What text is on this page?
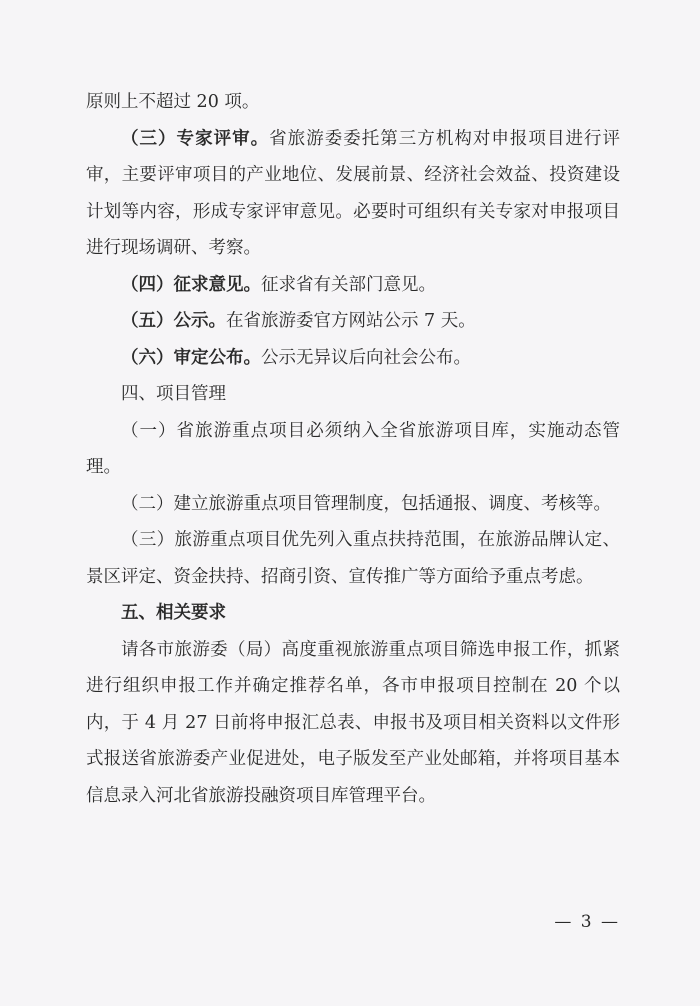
原则上不超过 20 项。

（三）专家评审。省旅游委委托第三方机构对申报项目进行评审，主要评审项目的产业地位、发展前景、经济社会效益、投资建设计划等内容，形成专家评审意见。必要时可组织有关专家对申报项目进行现场调研、考察。

（四）征求意见。征求省有关部门意见。

（五）公示。在省旅游委官方网站公示 7 天。

（六）审定公布。公示无异议后向社会公布。

四、项目管理

（一）省旅游重点项目必须纳入全省旅游项目库，实施动态管理。

（二）建立旅游重点项目管理制度，包括通报、调度、考核等。

（三）旅游重点项目优先列入重点扶持范围，在旅游品牌认定、景区评定、资金扶持、招商引资、宣传推广等方面给予重点考虑。

五、相关要求

请各市旅游委（局）高度重视旅游重点项目筛选申报工作，抓紧进行组织申报工作并确定推荐名单，各市申报项目控制在 20 个以内，于 4 月 27 日前将申报汇总表、申报书及项目相关资料以文件形式报送省旅游委产业促进处，电子版发至产业处邮箱，并将项目基本信息录入河北省旅游投融资项目库管理平台。

— 3 —
